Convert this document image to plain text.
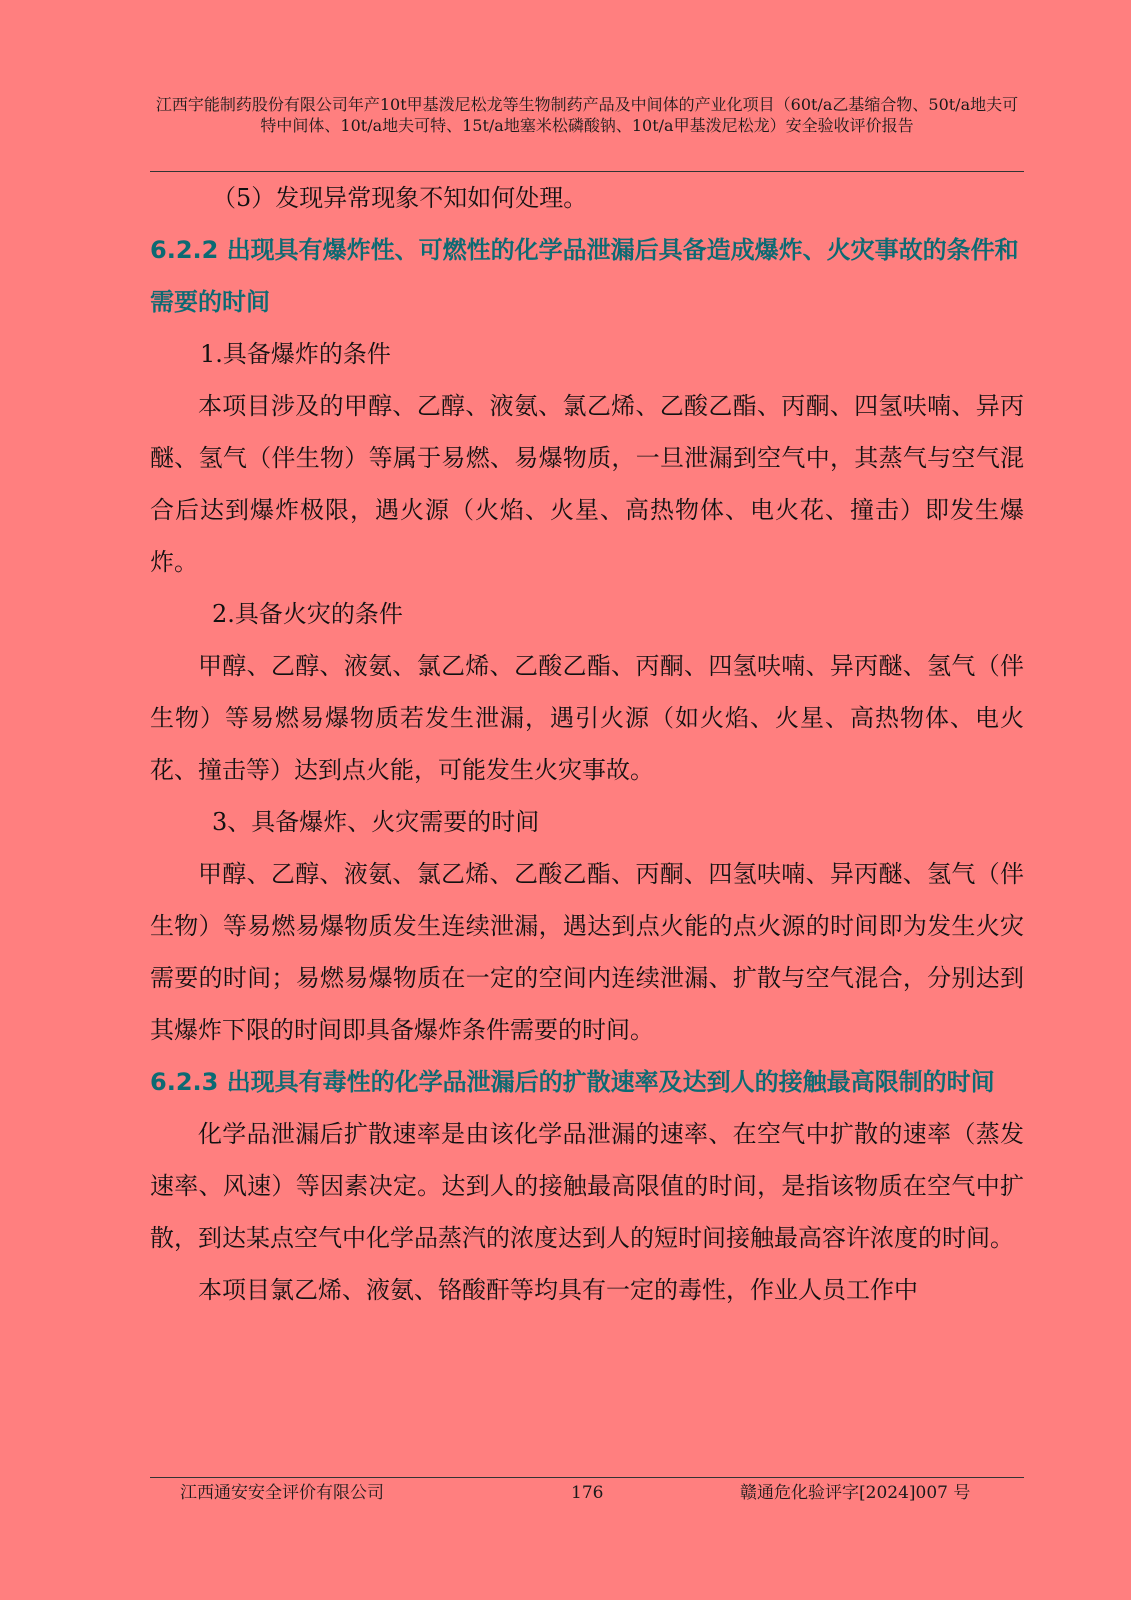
江西宇能制药股份有限公司年产10t甲基泼尼松龙等生物制药产品及中间体的产业化项目（60t/a乙基缩合物、50t/a地夫可特中间体、10t/a地夫可特、15t/a地塞米松磷酸钠、10t/a甲基泼尼松龙）安全验收评价报告

（5）发现异常现象不知如何处理。

6.2.2 出现具有爆炸性、可燃性的化学品泄漏后具备造成爆炸、火灾事故的条件和需要的时间

1.具备爆炸的条件

本项目涉及的甲醇、乙醇、液氨、氯乙烯、乙酸乙酯、丙酮、四氢呋喃、异丙醚、氢气（伴生物）等属于易燃、易爆物质，一旦泄漏到空气中，其蒸气与空气混合后达到爆炸极限，遇火源（火焰、火星、高热物体、电火花、撞击）即发生爆炸。

2.具备火灾的条件

甲醇、乙醇、液氨、氯乙烯、乙酸乙酯、丙酮、四氢呋喃、异丙醚、氢气（伴生物）等易燃易爆物质若发生泄漏，遇引火源（如火焰、火星、高热物体、电火花、撞击等）达到点火能，可能发生火灾事故。

3、具备爆炸、火灾需要的时间

甲醇、乙醇、液氨、氯乙烯、乙酸乙酯、丙酮、四氢呋喃、异丙醚、氢气（伴生物）等易燃易爆物质发生连续泄漏，遇达到点火能的点火源的时间即为发生火灾需要的时间；易燃易爆物质在一定的空间内连续泄漏、扩散与空气混合，分别达到其爆炸下限的时间即具备爆炸条件需要的时间。

6.2.3 出现具有毒性的化学品泄漏后的扩散速率及达到人的接触最高限制的时间

化学品泄漏后扩散速率是由该化学品泄漏的速率、在空气中扩散的速率（蒸发速率、风速）等因素决定。达到人的接触最高限值的时间，是指该物质在空气中扩散，到达某点空气中化学品蒸汽的浓度达到人的短时间接触最高容许浓度的时间。

本项目氯乙烯、液氨、铬酸酐等均具有一定的毒性，作业人员工作中

江西通安安全评价有限公司	176	赣通危化验评字[2024]007 号
